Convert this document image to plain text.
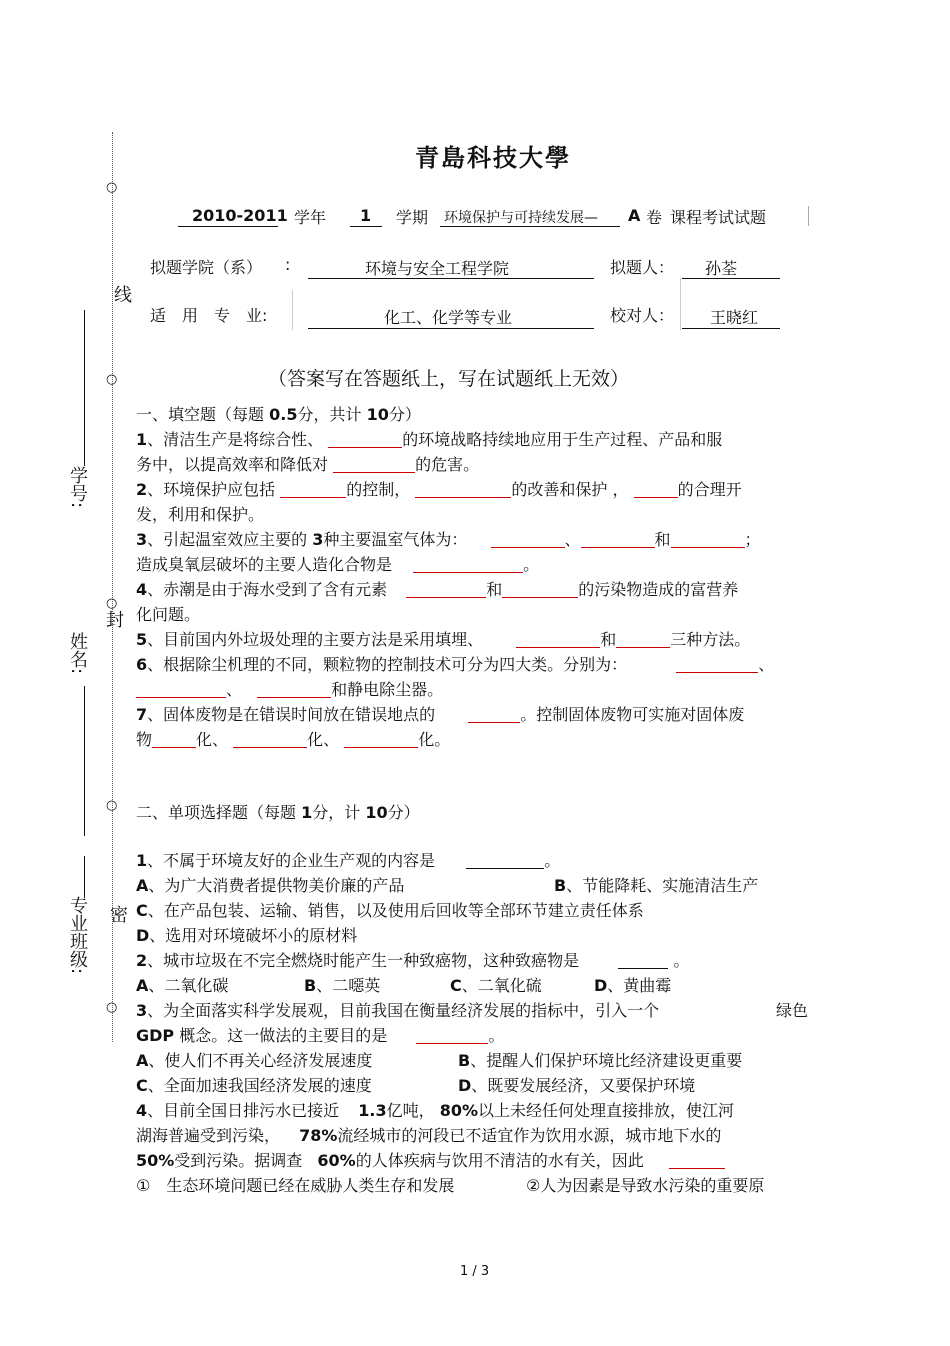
○
○
○
○
○
线
封
密
学号:
姓名:
专业班级:
青島科技大學
2010-2011 学年 1 学期 环境保护与可持续发展— A 卷 课程考试试题
拟题学院（系） :	环境与安全工程学院	拟题人： 孙荃
适　用　专　业:	化工、化学等专业	校对人： 王晓红
（答案写在答题纸上，写在试题纸上无效）
一、填空题（每题 0.5分，共计 10分）
1、清洁生产是将综合性、	的环境战略持续地应用于生产过程、产品和服
务中，以提高效率和降低对	的危害。
2、环境保护应包括	的控制，	的改善和保护 ，	的合理开
发，利用和保护。
3、引起温室效应主要的 3种主要温室气体为：	、	和	；
造成臭氧层破坏的主要人造化合物是	。
4、赤潮是由于海水受到了含有元素	和	的污染物造成的富营养
化问题。
5、目前国内外垃圾处理的主要方法是采用填埋、	和	三种方法。
6、根据除尘机理的不同，颗粒物的控制技术可分为四大类。分别为：	、
、	和静电除尘器。
7、固体废物是在错误时间放在错误地点的	。控制固体废物可实施对固体废
物	化、	化、	化。
二、单项选择题（每题 1分，计 10分）
1、不属于环境友好的企业生产观的内容是	。
A、为广大消费者提供物美价廉的产品	B、节能降耗、实施清洁生产
C、在产品包装、运输、销售，以及使用后回收等全部环节建立责任体系
D、选用对环境破坏小的原材料
2、城市垃圾在不完全燃烧时能产生一种致癌物，这种致癌物是	。
A、二氧化碳	B、二噁英	C、二氧化硫	D、黄曲霉
3、为全面落实科学发展观，目前我国在衡量经济发展的指标中，引入一个	绿色
GDP 概念。这一做法的主要目的是	。
A、使人们不再关心经济发展速度	B、提醒人们保护环境比经济建设更重要
C、全面加速我国经济发展的速度	D、既要发展经济，又要保护环境
4、目前全国日排污水已接近 1.3亿吨， 80%以上未经任何处理直接排放，使江河
湖海普遍受到污染， 78%流经城市的河段已不适宜作为饮用水源，城市地下水的
50%受到污染。据调查 60%的人体疾病与饮用不清洁的水有关，因此
①　生态环境问题已经在威胁人类生存和发展	②人为因素是导致水污染的重要原
1 / 3
